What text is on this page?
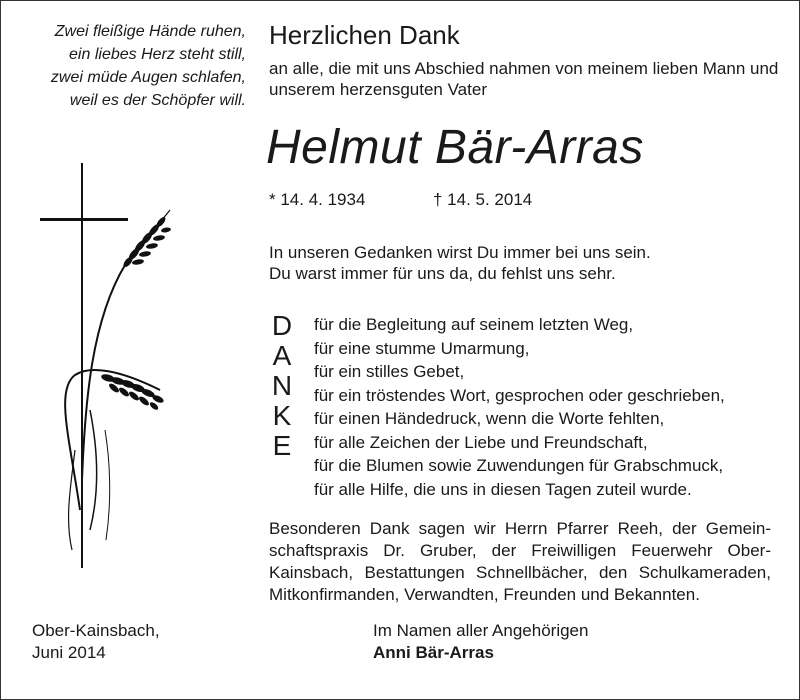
Zwei fleißige Hände ruhen,
ein liebes Herz steht still,
zwei müde Augen schlafen,
weil es der Schöpfer will.
Herzlichen Dank
an alle, die mit uns Abschied nahmen von meinem lieben Mann und unserem herzensguten Vater
Helmut Bär-Arras
* 14. 4. 1934	† 14. 5. 2014
In unseren Gedanken wirst Du immer bei uns sein.
Du warst immer für uns da, du fehlst uns sehr.
D
A
N
K
E
für die Begleitung auf seinem letzten Weg,
für eine stumme Umarmung,
für ein stilles Gebet,
für ein tröstendes Wort, gesprochen oder geschrieben,
für einen Händedruck, wenn die Worte fehlten,
für alle Zeichen der Liebe und Freundschaft,
für die Blumen sowie Zuwendungen für Grabschmuck,
für alle Hilfe, die uns in diesen Tagen zuteil wurde.
Besonderen Dank sagen wir Herrn Pfarrer Reeh, der Gemein-
schaftspraxis Dr. Gruber, der Freiwilligen Feuerwehr Ober-
Kainsbach, Bestattungen Schnellbächer, den Schulkameraden,
Mitkonfirmanden, Verwandten, Freunden und Bekannten.
Ober-Kainsbach,
Juni 2014
Im Namen aller Angehörigen
Anni Bär-Arras
